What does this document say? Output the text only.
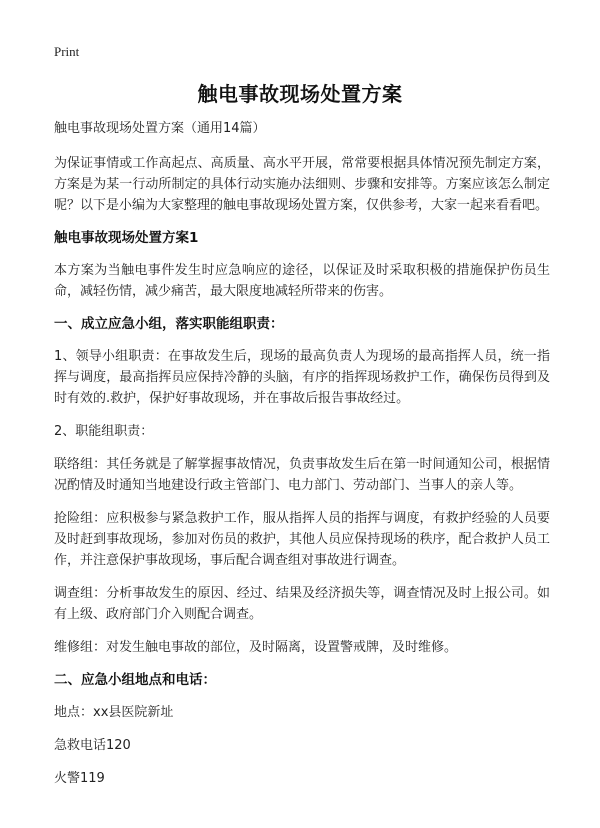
Print
触电事故现场处置方案

触电事故现场处置方案（通用14篇）

为保证事情或工作高起点、高质量、高水平开展，常常要根据具体情况预先制定方案，方案是为某一行动所制定的具体行动实施办法细则、步骤和安排等。方案应该怎么制定呢？以下是小编为大家整理的触电事故现场处置方案，仅供参考，大家一起来看看吧。

触电事故现场处置方案1

本方案为当触电事件发生时应急响应的途径，以保证及时采取积极的措施保护伤员生命，减轻伤情，减少痛苦，最大限度地减轻所带来的伤害。

一、成立应急小组，落实职能组职责：

1、领导小组职责：在事故发生后，现场的最高负责人为现场的最高指挥人员，统一指挥与调度，最高指挥员应保持冷静的头脑，有序的指挥现场救护工作，确保伤员得到及时有效的.救护，保护好事故现场，并在事故后报告事故经过。

2、职能组职责：

联络组：其任务就是了解掌握事故情况，负责事故发生后在第一时间通知公司，根据情况酌情及时通知当地建设行政主管部门、电力部门、劳动部门、当事人的亲人等。

抢险组：应积极参与紧急救护工作，服从指挥人员的指挥与调度，有救护经验的人员要及时赶到事故现场，参加对伤员的救护，其他人员应保持现场的秩序，配合救护人员工作，并注意保护事故现场，事后配合调查组对事故进行调查。

调查组：分析事故发生的原因、经过、结果及经济损失等，调查情况及时上报公司。如有上级、政府部门介入则配合调查。

维修组：对发生触电事故的部位，及时隔离，设置警戒牌，及时维修。

二、应急小组地点和电话：

地点：xx县医院新址

急救电话120

火警119
